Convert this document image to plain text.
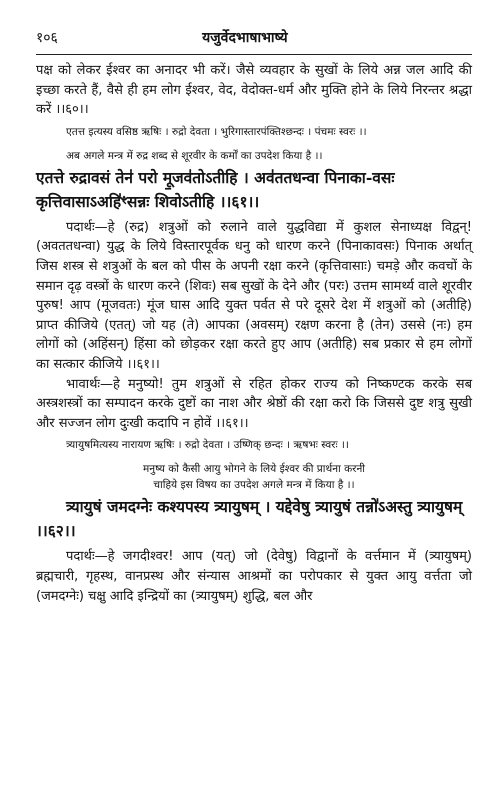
१०६	यजुर्वेदभाषाभाष्ये

पक्ष को लेकर ईश्वर का अनादर भी करें। जैसे व्यवहार के सुखों के लिये अन्न जल आदि की इच्छा करते हैं, वैसे ही हम लोग ईश्वर, वेद, वेदोक्त-धर्म और मुक्ति होने के लिये निरन्तर श्रद्धा करें ।।६०।।

एतत्त इत्यस्य वसिष्ठ ऋषिः । रुद्रो देवता । भुरिगास्तारपंक्तिश्छन्दः । पंचमः स्वरः ।।

अब अगले मन्त्र में रुद्र शब्द से शूरवीर के कर्मों का उपदेश किया है ।।

एतत्ते रुद्रावसं तेन॑ परो मू॒जव॑तोऽतीहि । अव॑ततधन्वा पिनाका-वसः कृत्तिवासाऽअहि॑ꣳसन्नः शिवोऽतीहि ।।६१।।

पदार्थः—हे (रुद्र) शत्रुओं को रुलाने वाले युद्धविद्या में कुशल सेनाध्यक्ष विद्वन्! (अवततधन्वा) युद्ध के लिये विस्तारपूर्वक धनु को धारण करने (पिनाकावसः) पिनाक अर्थात् जिस शस्त्र से शत्रुओं के बल को पीस के अपनी रक्षा करने (कृत्तिवासाः) चमड़े और कवचों के समान दृढ़ वस्त्रों के धारण करने (शिवः) सब सुखों के देने और (परः) उत्तम सामर्थ्य वाले शूरवीर पुरुष! आप (मूजवतः) मूंज घास आदि युक्त पर्वत से परे दूसरे देश में शत्रुओं को (अतीहि) प्राप्त कीजिये (एतत्) जो यह (ते) आपका (अवसम्) रक्षण करना है (तेन) उससे (नः) हम लोगों को (अहिंसन्) हिंसा को छोड़कर रक्षा करते हुए आप (अतीहि) सब प्रकार से हम लोगों का सत्कार कीजिये ।।६१।।

भावार्थः—हे मनुष्यो! तुम शत्रुओं से रहित होकर राज्य को निष्कण्टक करके सब अस्त्रशस्त्रों का सम्पादन करके दुष्टों का नाश और श्रेष्ठों की रक्षा करो कि जिससे दुष्ट शत्रु सुखी और सज्जन लोग दुःखी कदापि न होवें ।।६१।।

त्र्यायुषमित्यस्य नारायण ऋषिः । रुद्रो देवता । उष्णिक् छन्दः । ऋषभः स्वरः ।।

मनुष्य को कैसी आयु भोगने के लिये ईश्वर की प्रार्थना करनी

चाहिये इस विषय का उपदेश अगले मन्त्र में किया है ।।

त्र्यायुषं जमदग्नेः कश्यपस्य त्र्यायुषम् । यद्देवेषु त्र्यायुषं तन्नो॑ऽअस्तु त्र्यायुषम् ।।६२।।

पदार्थः—हे जगदीश्वर! आप (यत्) जो (देवेषु) विद्वानों के वर्त्तमान में (त्र्यायुषम्) ब्रह्मचारी, गृहस्थ, वानप्रस्थ और संन्यास आश्रमों का परोपकार से युक्त आयु वर्त्तता जो (जमदग्नेः) चक्षु आदि इन्द्रियों का (त्र्यायुषम्) शुद्धि, बल और
